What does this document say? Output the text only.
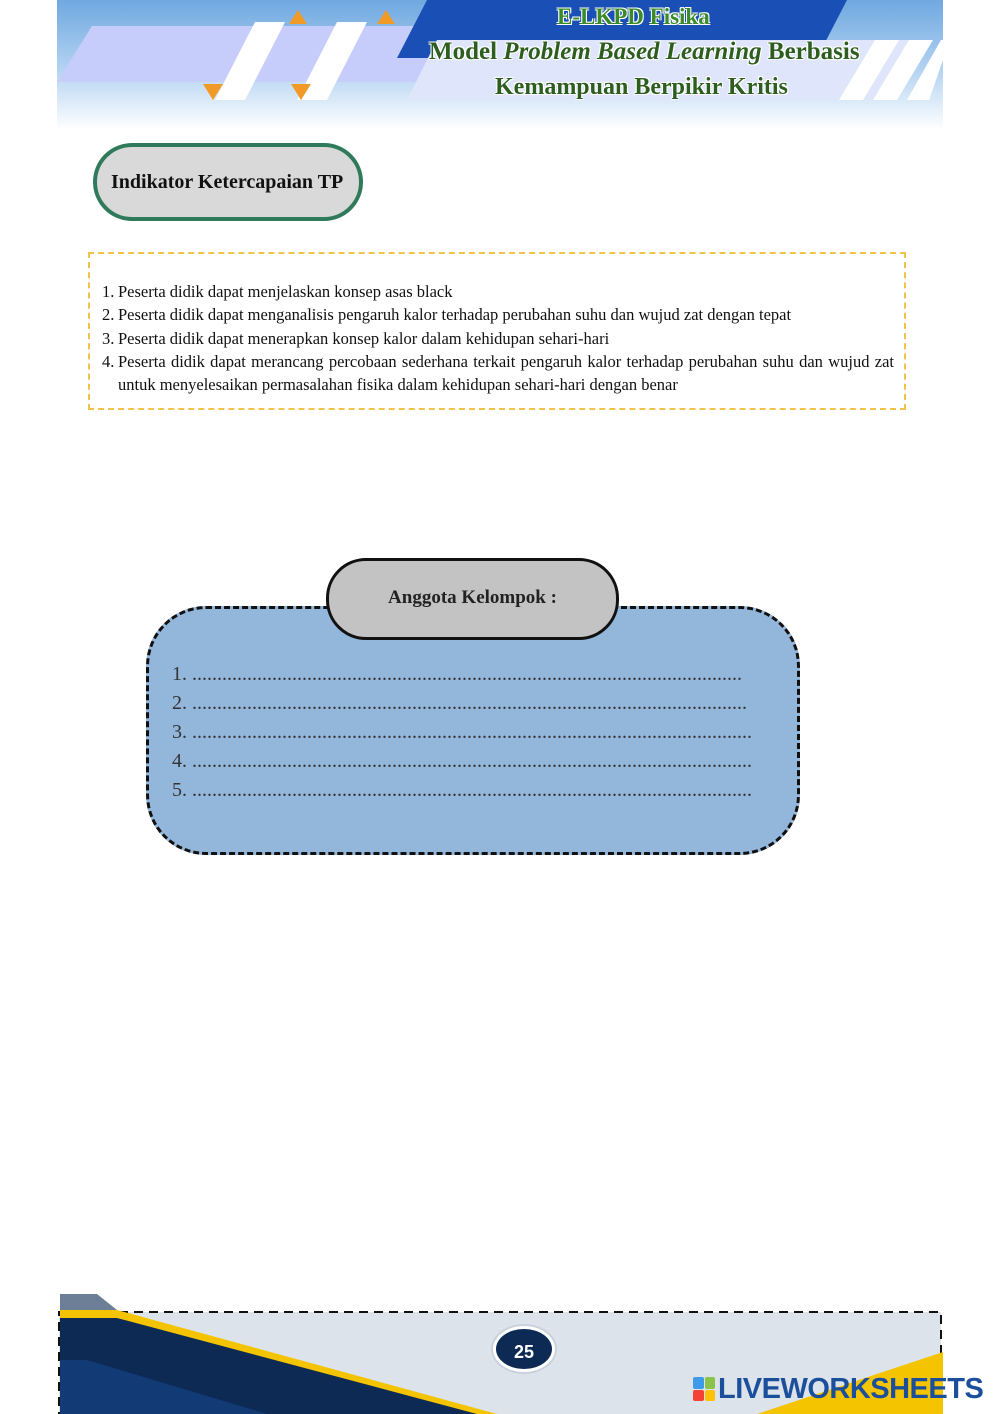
E-LKPD Fisika
Model Problem Based Learning Berbasis
Kemampuan Berpikir Kritis
Indikator Ketercapaian TP
1. Peserta didik dapat menjelaskan konsep asas black
2. Peserta didik dapat menganalisis pengaruh kalor terhadap perubahan suhu dan wujud zat dengan tepat
3. Peserta didik dapat menerapkan konsep kalor dalam kehidupan sehari-hari
4. Peserta didik dapat merancang percobaan sederhana terkait pengaruh kalor terhadap perubahan suhu dan wujud zat untuk menyelesaikan permasalahan fisika dalam kehidupan sehari-hari dengan benar
Anggota Kelompok :
1. ..............................................................................................................
2. ...............................................................................................................
3. ................................................................................................................
4. ................................................................................................................
5. ................................................................................................................
25
LIVEWORKSHEETS
